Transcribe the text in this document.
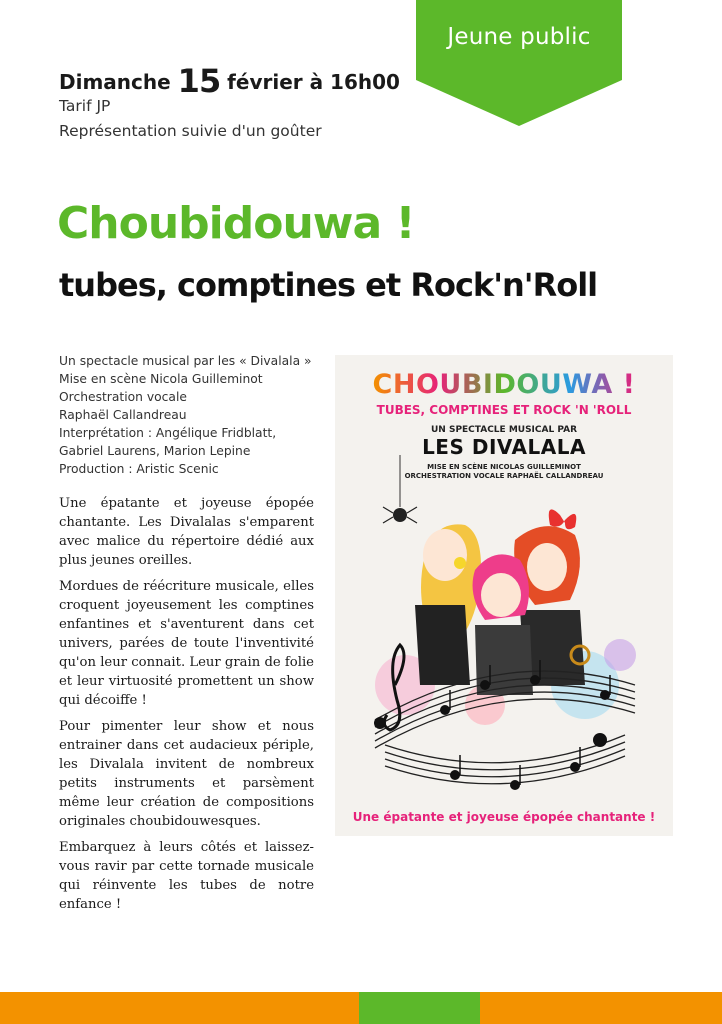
Jeune public
Dimanche 15 février à 16h00
Tarif JP
Représentation suivie d'un goûter
Choubidouwa !
tubes, comptines et Rock'n'Roll
Un spectacle musical par les « Divalala »
Mise en scène Nicola Guilleminot
Orchestration vocale
Raphaël Callandreau
Interprétation : Angélique Fridblatt,
Gabriel Laurens, Marion Lepine
Production : Aristic Scenic

Une épatante et joyeuse épopée chantante. Les Divalalas s'emparent avec malice du répertoire dédié aux plus jeunes oreilles.

Mordues de réécriture musicale, elles croquent joyeusement les comptines enfantines et s'aventurent dans cet univers, parées de toute l'inventivité qu'on leur connait. Leur grain de folie et leur virtuosité promettent un show qui décoiffe !

Pour pimenter leur show et nous entrainer dans cet audacieux périple, les Divalala invitent de nombreux petits instruments et parsèment même leur création de compositions originales choubidouwesques.

Embarquez à leurs côtés et laissez-vous ravir par cette tornade musicale qui réinvente les tubes de notre enfance !

CHOUBIDOUWA !
TUBES, COMPTINES ET ROCK 'N 'ROLL
UN SPECTACLE MUSICAL PAR
LES DIVALALA
MISE EN SCÈNE NICOLAS GUILLEMINOT
ORCHESTRATION VOCALE RAPHAËL CALLANDREAU
Une épatante et joyeuse épopée chantante !
